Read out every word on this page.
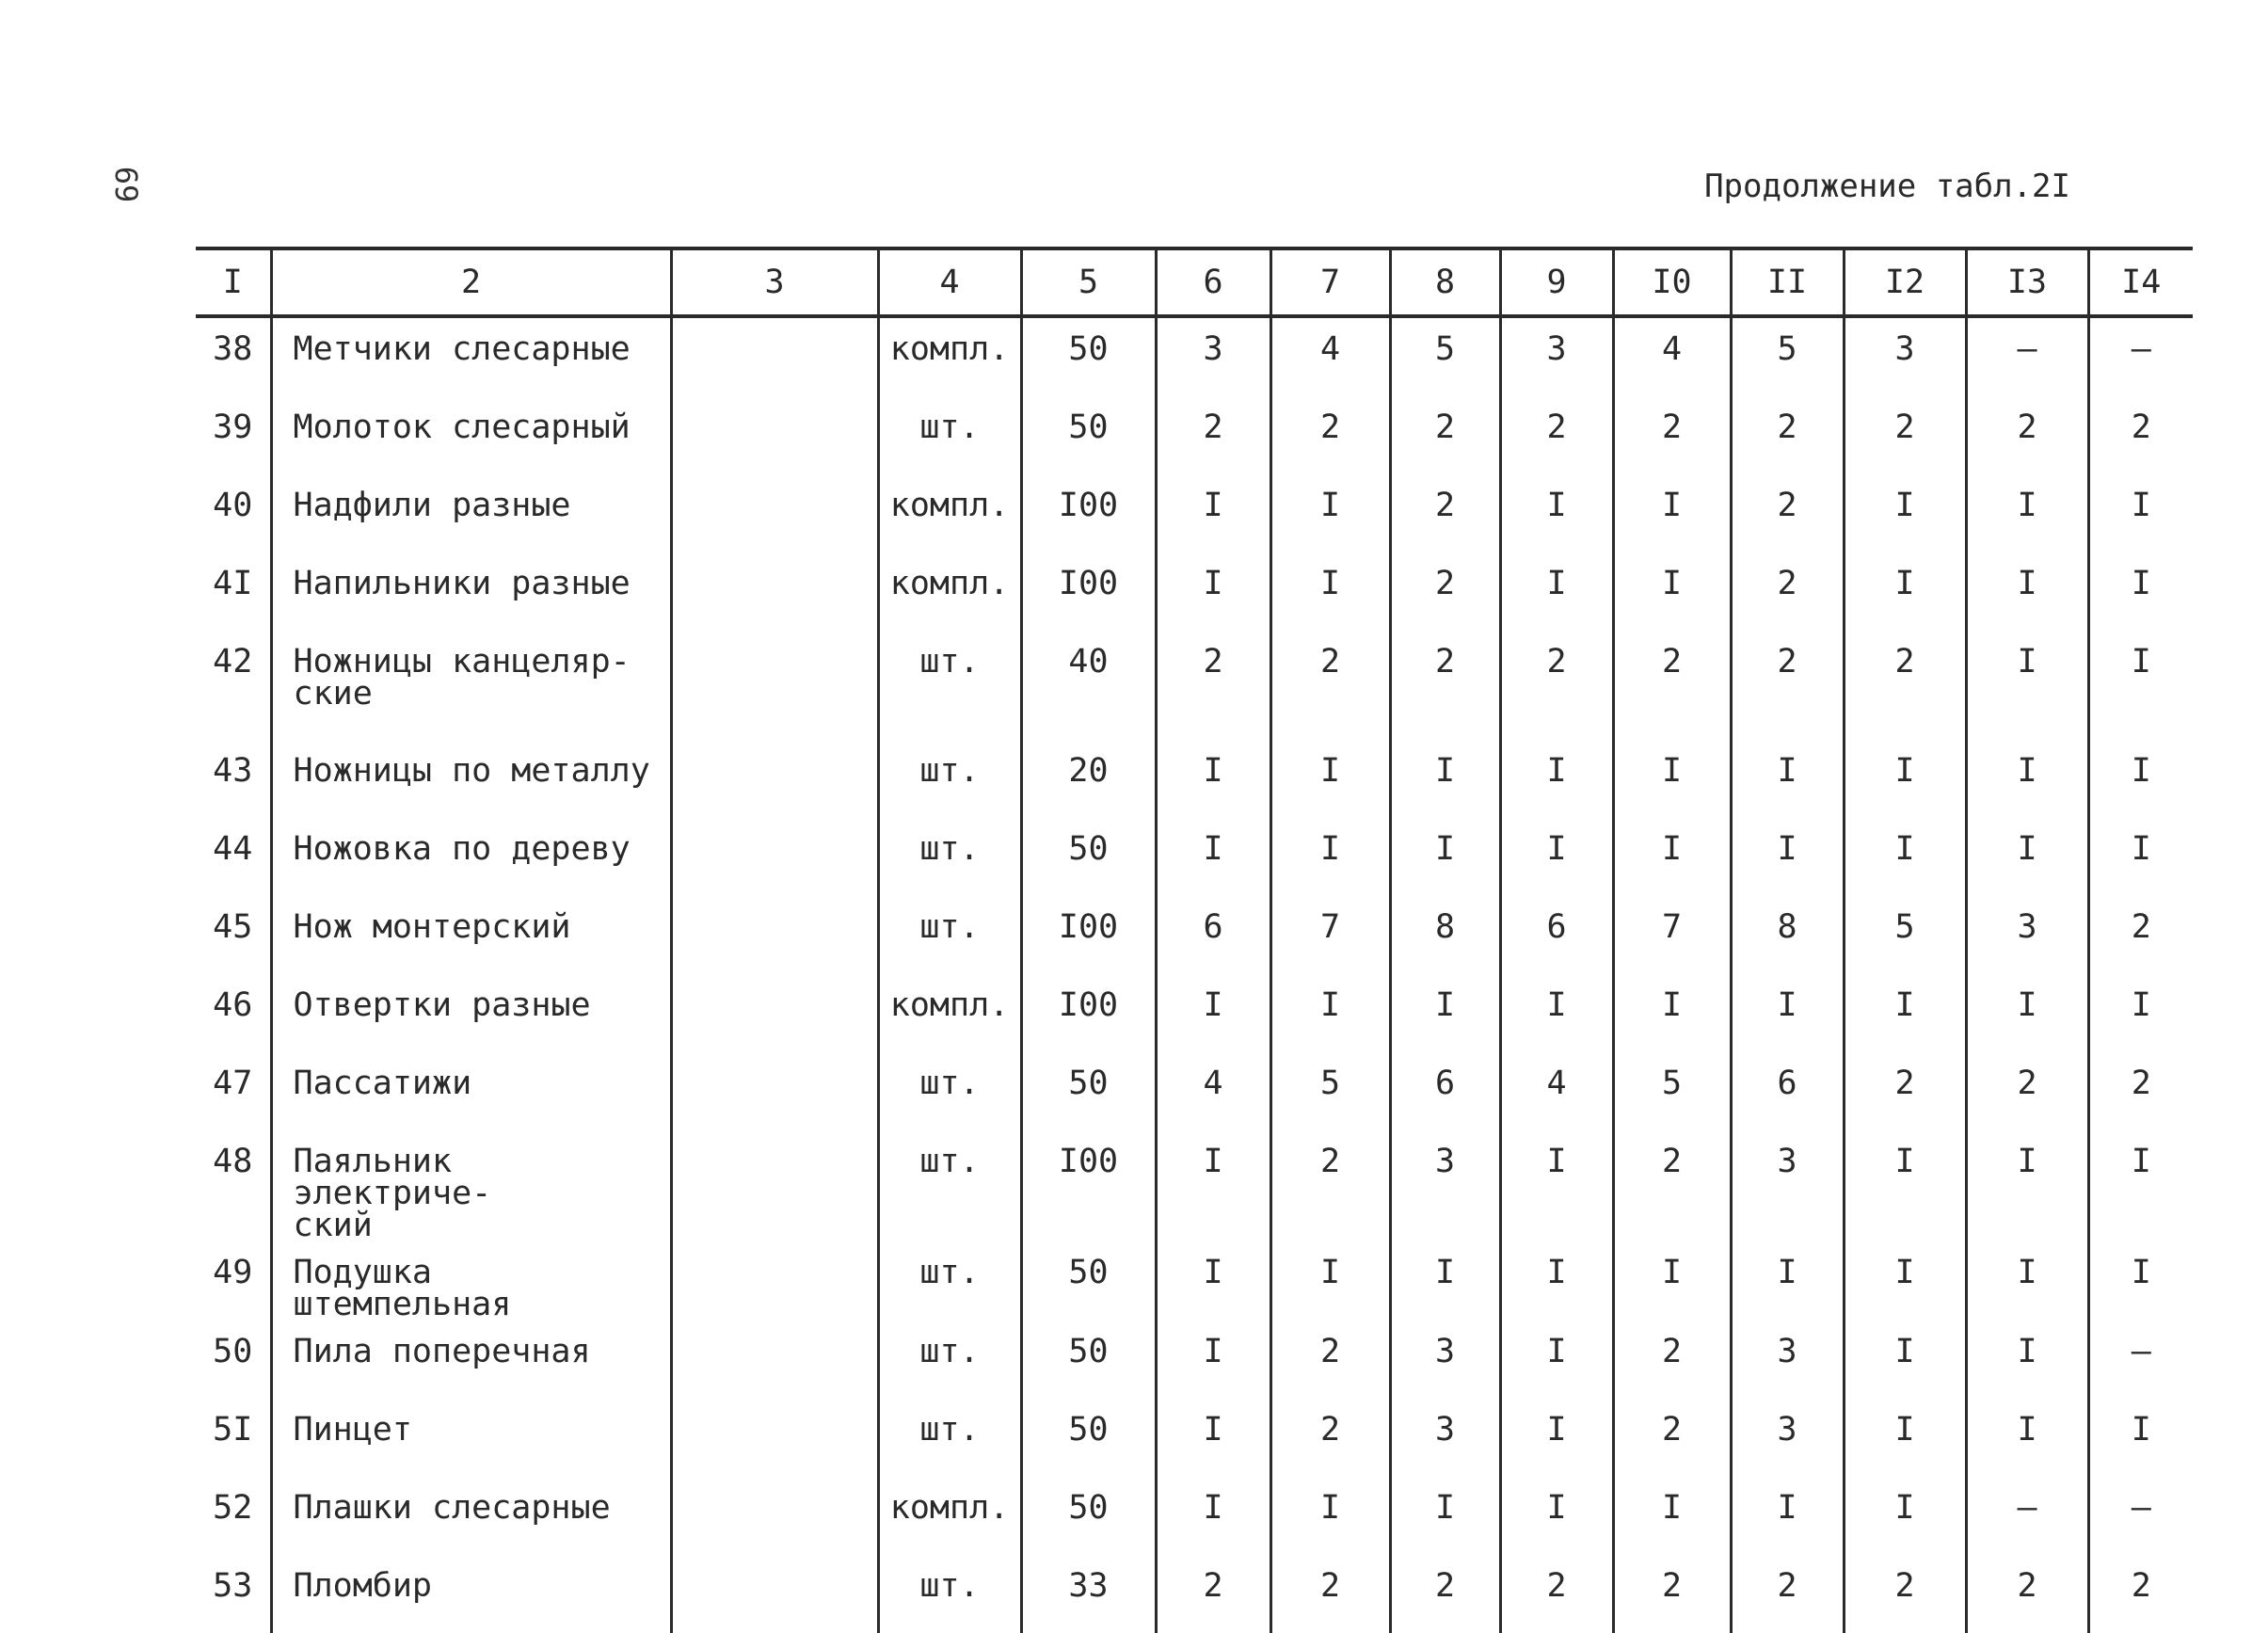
69	Продолжение табл.2I
I	2	3	4	5	6	7	8	9	I0	II	I2	I3	I4
38	Метчики слесарные		компл.	50	3	4	5	3	4	5	3	–	–
39	Молоток слесарный		шт.	50	2	2	2	2	2	2	2	2	2
40	Надфили разные		компл.	I00	I	I	2	I	I	2	I	I	I
4I	Напильники разные		компл.	I00	I	I	2	I	I	2	I	I	I
42	Ножницы канцеляр-
ские		шт.	40	2	2	2	2	2	2	2	I	I
43	Ножницы по металлу		шт.	20	I	I	I	I	I	I	I	I	I
44	Ножовка по дереву		шт.	50	I	I	I	I	I	I	I	I	I
45	Нож монтерский		шт.	I00	6	7	8	6	7	8	5	3	2
46	Отвертки разные		компл.	I00	I	I	I	I	I	I	I	I	I
47	Пассатижи		шт.	50	4	5	6	4	5	6	2	2	2
48	Паяльник электриче-
ский		шт.	I00	I	2	3	I	2	3	I	I	I
49	Подушка штемпельная		шт.	50	I	I	I	I	I	I	I	I	I
50	Пила поперечная		шт.	50	I	2	3	I	2	3	I	I	–
5I	Пинцет		шт.	50	I	2	3	I	2	3	I	I	I
52	Плашки слесарные		компл.	50	I	I	I	I	I	I	I	–	–
53	Пломбир		шт.	33	2	2	2	2	2	2	2	2	2
